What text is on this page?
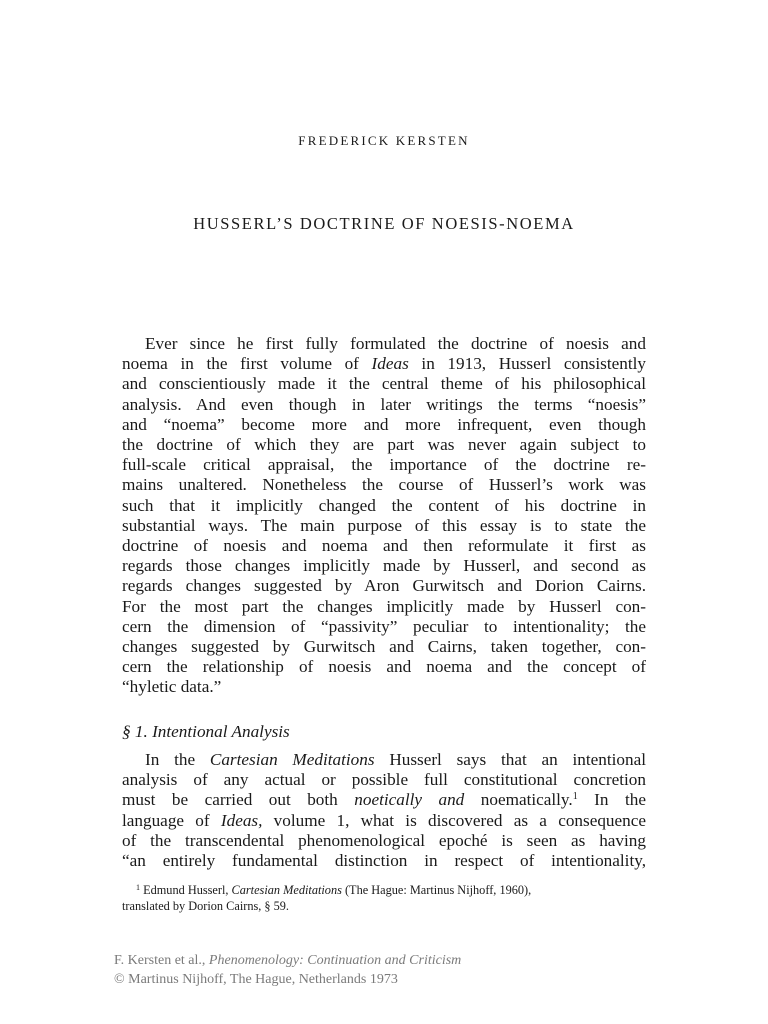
FREDERICK KERSTEN
HUSSERL’S DOCTRINE OF NOESIS-NOEMA
Ever since he first fully formulated the doctrine of noesis and
noema in the first volume of Ideas in 1913, Husserl consistently
and conscientiously made it the central theme of his philosophical
analysis. And even though in later writings the terms “noesis”
and “noema” become more and more infrequent, even though
the doctrine of which they are part was never again subject to
full-scale critical appraisal, the importance of the doctrine re-
mains unaltered. Nonetheless the course of Husserl’s work was
such that it implicitly changed the content of his doctrine in
substantial ways. The main purpose of this essay is to state the
doctrine of noesis and noema and then reformulate it first as
regards those changes implicitly made by Husserl, and second as
regards changes suggested by Aron Gurwitsch and Dorion Cairns.
For the most part the changes implicitly made by Husserl con-
cern the dimension of “passivity” peculiar to intentionality; the
changes suggested by Gurwitsch and Cairns, taken together, con-
cern the relationship of noesis and noema and the concept of
“hyletic data.”
§ 1. Intentional Analysis
In the Cartesian Meditations Husserl says that an intentional
analysis of any actual or possible full constitutional concretion
must be carried out both noetically and noematically.$^1$ In the
language of Ideas, volume 1, what is discovered as a consequence
of the transcendental phenomenological epoché is seen as having
“an entirely fundamental distinction in respect of intentionality,
$^1$ Edmund Husserl, Cartesian Meditations (The Hague: Martinus Nijhoff, 1960),
translated by Dorion Cairns, § 59.
F. Kersten et al., Phenomenology: Continuation and Criticism
© Martinus Nijhoff, The Hague, Netherlands 1973
